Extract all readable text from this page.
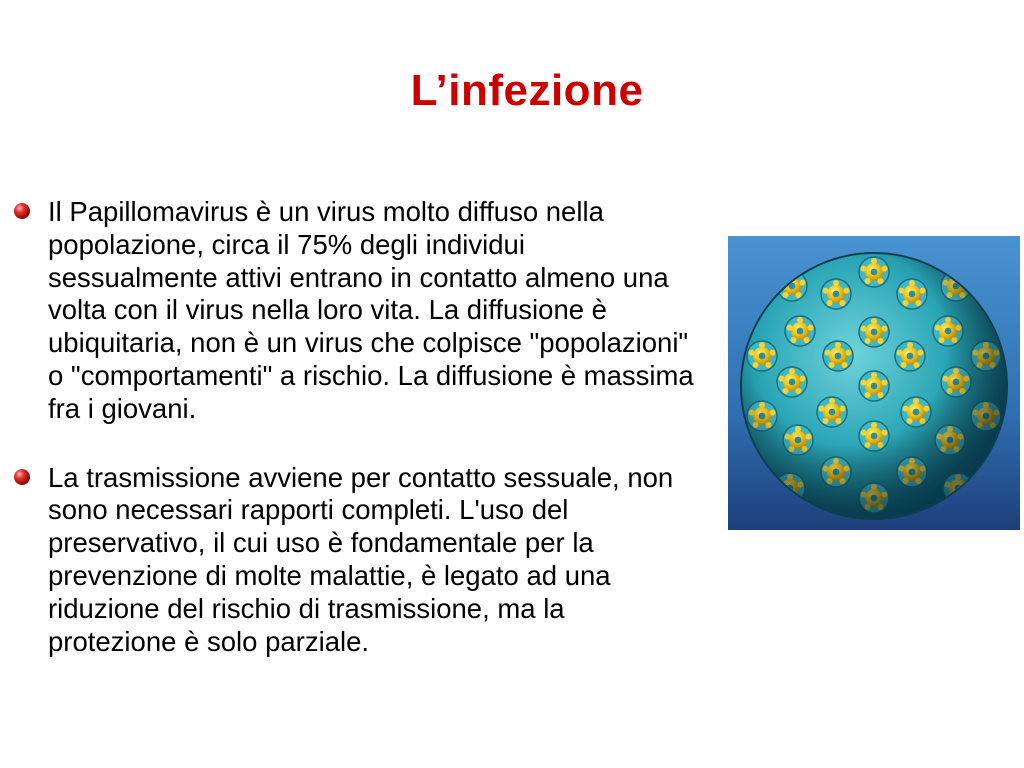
L’infezione
Il Papillomavirus è un virus molto diffuso nella popolazione, circa il 75% degli individui sessualmente attivi entrano in contatto almeno una volta con il virus nella loro vita. La diffusione è ubiquitaria, non è un virus che colpisce "popolazioni" o "comportamenti" a rischio. La diffusione è massima fra i giovani.
La trasmissione avviene per contatto sessuale, non sono necessari rapporti completi. L'uso del preservativo, il cui uso è fondamentale per la prevenzione di molte malattie, è legato ad una riduzione del rischio di trasmissione, ma la protezione è solo parziale.
